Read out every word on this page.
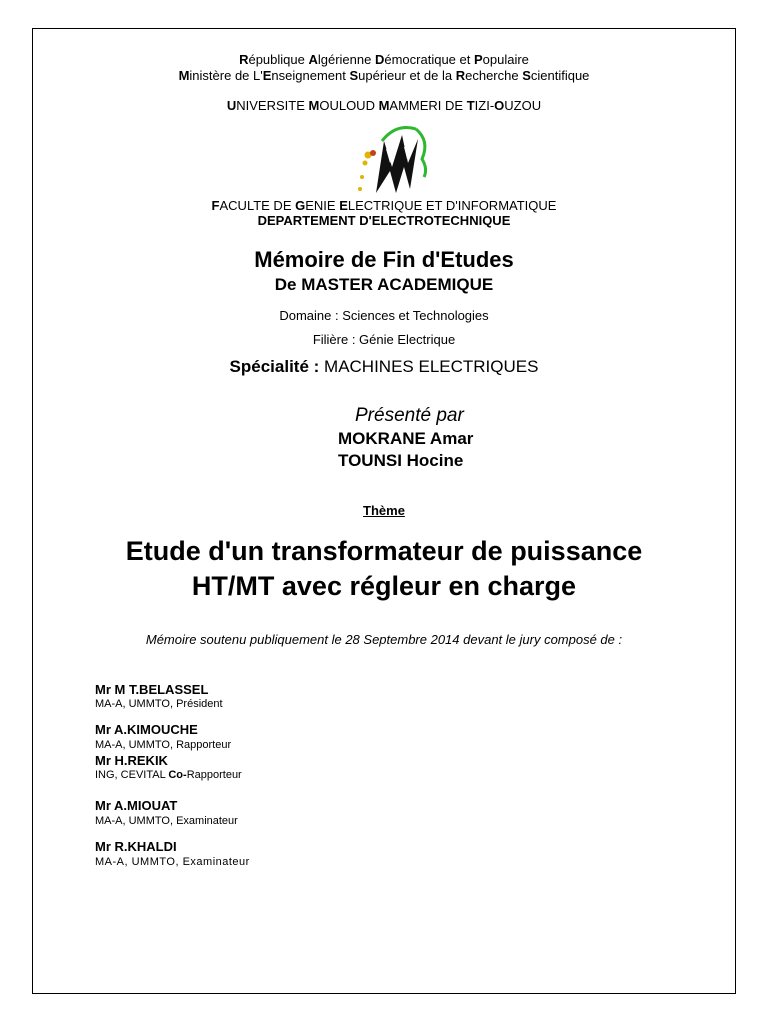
République Algérienne Démocratique et Populaire
Ministère de L'Enseignement Supérieur et de la Recherche Scientifique
UNIVERSITE MOULOUD MAMMERI DE TIZI-OUZOU
FACULTE DE GENIE ELECTRIQUE ET D'INFORMATIQUE
DEPARTEMENT D'ELECTROTECHNIQUE
Mémoire de Fin d'Etudes
De MASTER ACADEMIQUE
Domaine : Sciences et Technologies
Filière : Génie Electrique
Spécialité : MACHINES ELECTRIQUES
Présenté par
MOKRANE Amar
TOUNSI Hocine
Thème
Etude d'un transformateur de puissance
HT/MT avec régleur en charge
Mémoire soutenu publiquement le 28 Septembre 2014 devant le jury composé de :
Mr M T.BELASSEL
MA-A, UMMTO, Président
Mr A.KIMOUCHE
MA-A, UMMTO, Rapporteur
Mr H.REKIK
ING, CEVITAL Co-Rapporteur
Mr A.MIOUAT
MA-A, UMMTO, Examinateur
Mr R.KHALDI
MA-A, UMMTO, Examinateur
